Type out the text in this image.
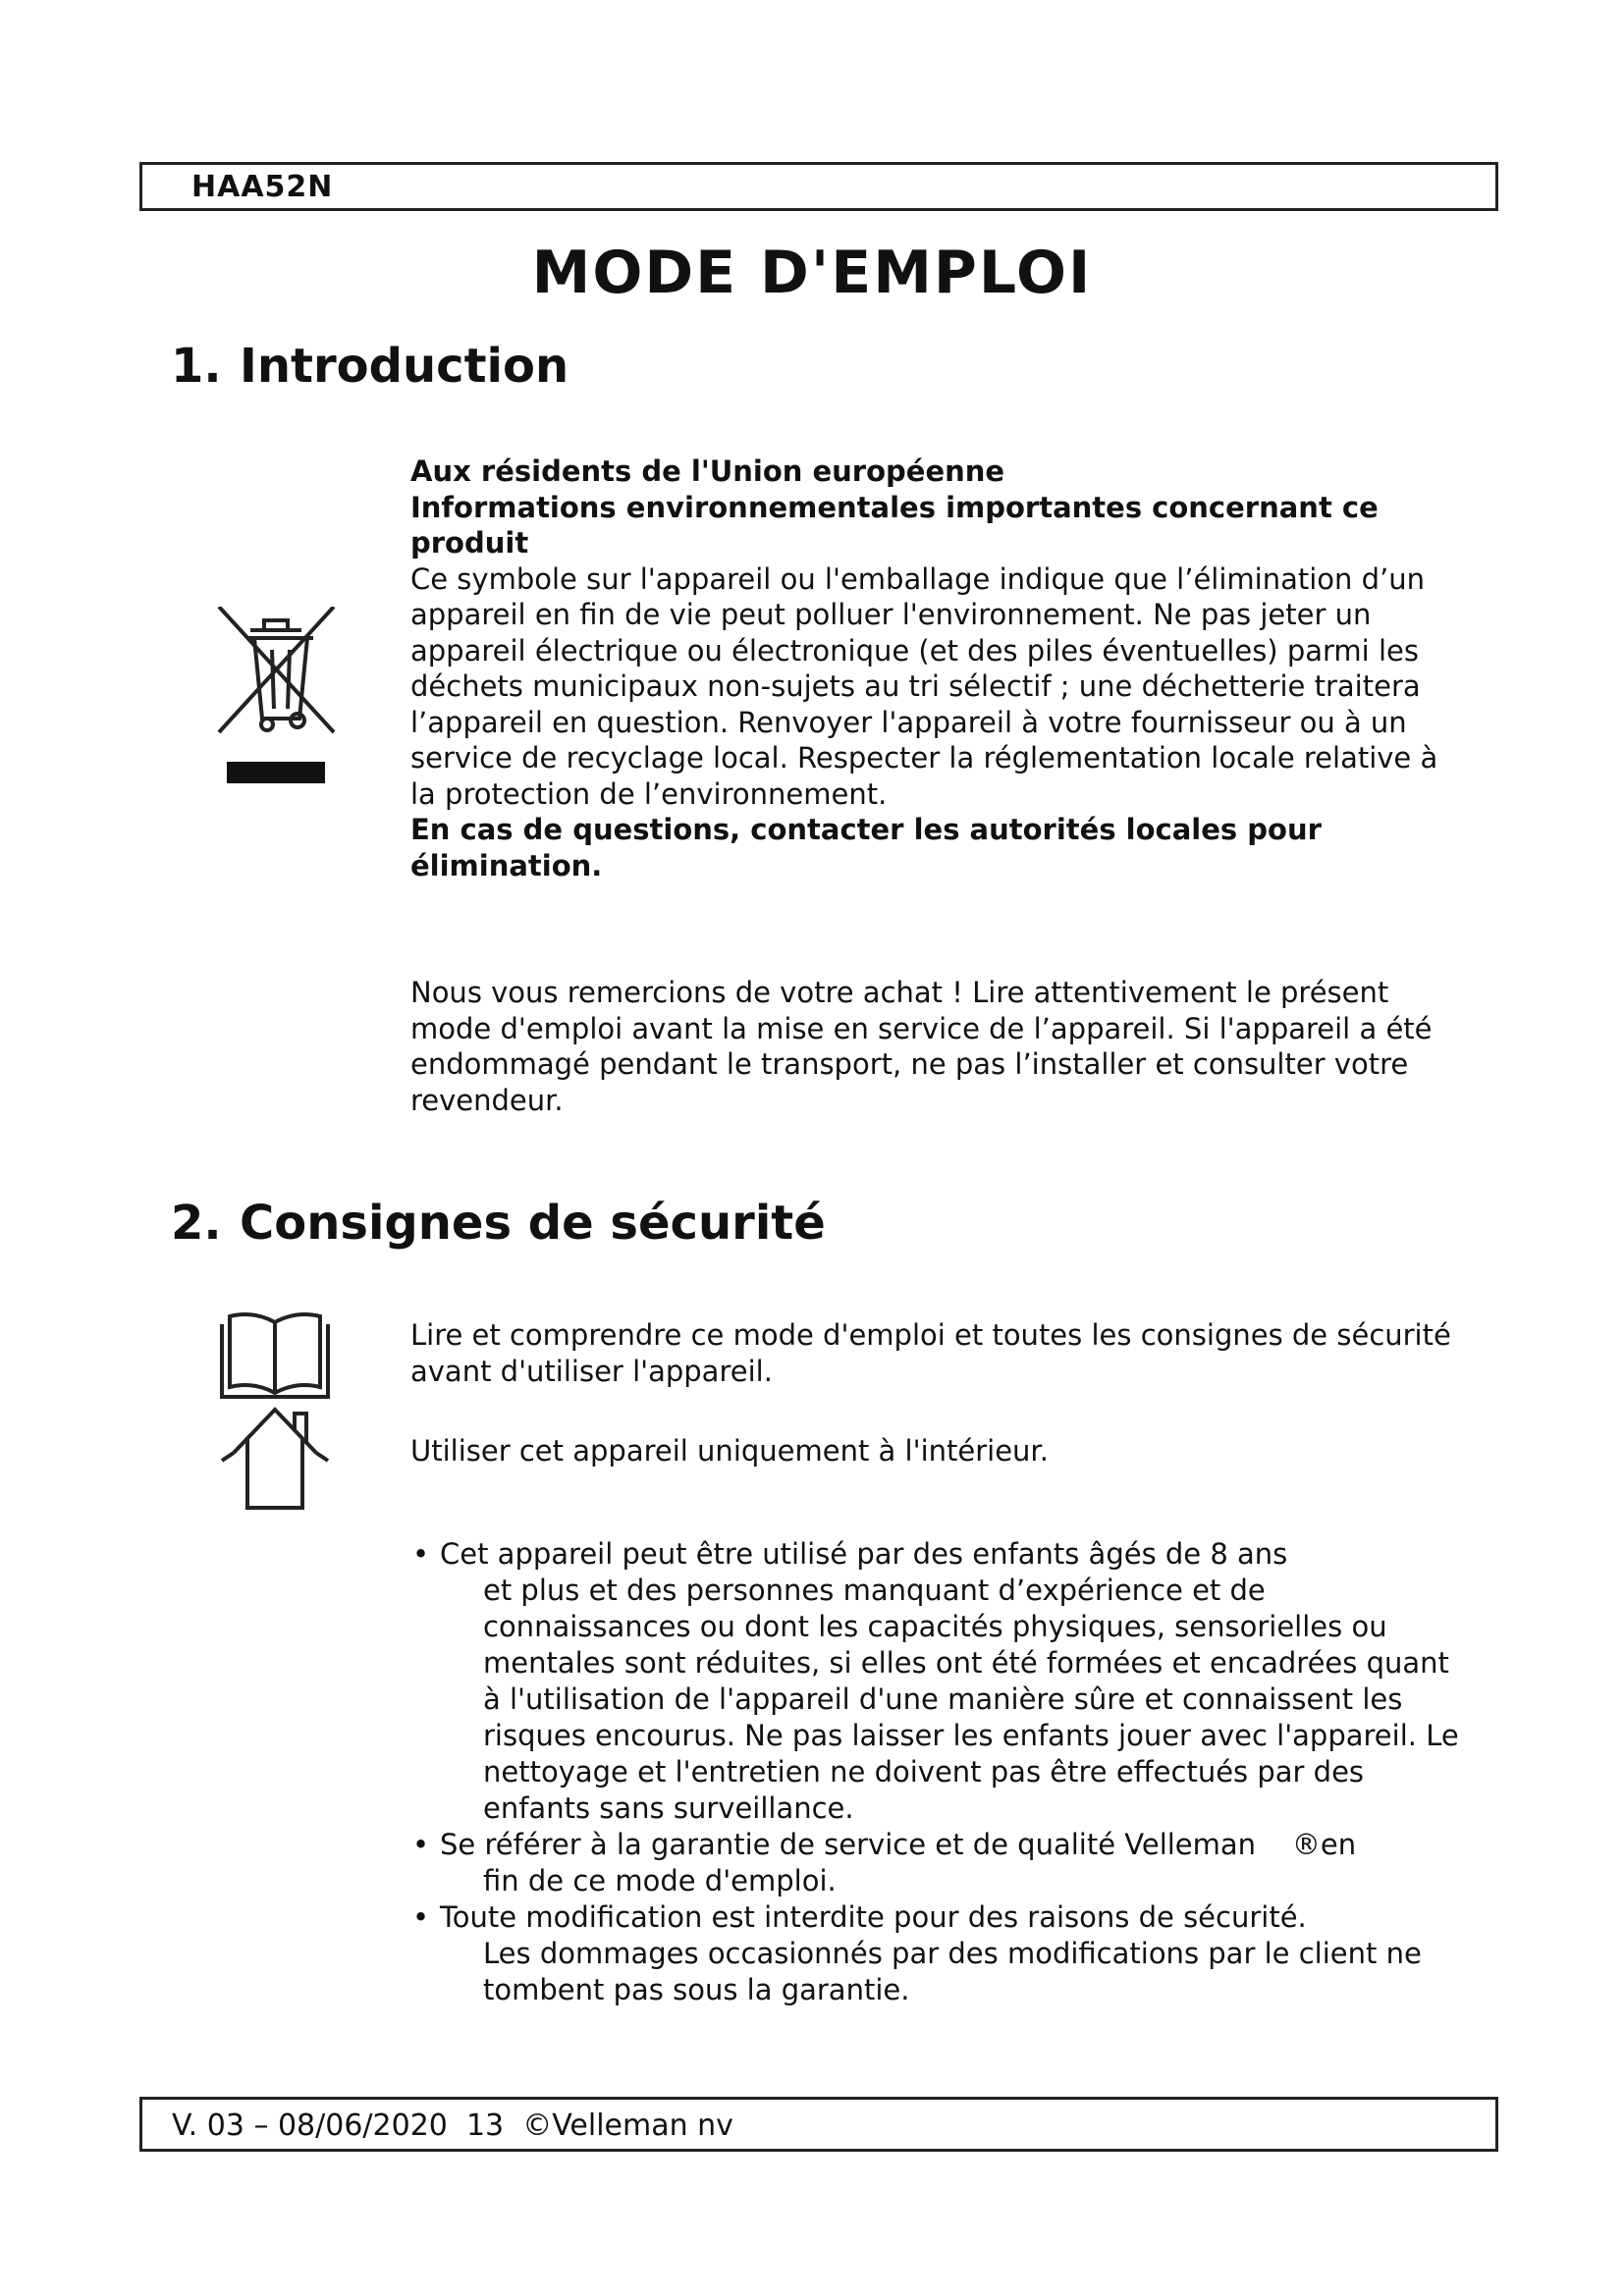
HAA52N
MODE D'EMPLOI
1. Introduction

Aux résidents de l'Union européenne

Informations environnementales importantes concernant ce produit

Ce symbole sur l'appareil ou l'emballage indique que l’élimination d’un appareil en fin de vie peut polluer l'environnement. Ne pas jeter un appareil électrique ou électronique (et des piles éventuelles) parmi les déchets municipaux non-sujets au tri sélectif ; une déchetterie traitera l’appareil en question. Renvoyer l'appareil à votre fournisseur ou à un service de recyclage local. Respecter la réglementation locale relative à la protection de l’environnement.

En cas de questions, contacter les autorités locales pour élimination.

Nous vous remercions de votre achat ! Lire attentivement le présent mode d'emploi avant la mise en service de l’appareil. Si l'appareil a été endommagé pendant le transport, ne pas l’installer et consulter votre revendeur.

2. Consignes de sécurité

Lire et comprendre ce mode d'emploi et toutes les consignes de sécurité avant d'utiliser l'appareil.

Utiliser cet appareil uniquement à l'intérieur.

• Cet appareil peut être utilisé par des enfants âgés de 8 ans
et plus et des personnes manquant d’expérience et de connaissances ou dont les capacités physiques, sensorielles ou mentales sont réduites, si elles ont été formées et encadrées quant à l'utilisation de l'appareil d'une manière sûre et connaissent les risques encourus. Ne pas laisser les enfants jouer avec l'appareil. Le nettoyage et l'entretien ne doivent pas être effectués par des enfants sans surveillance.
• Se référer à la garantie de service et de qualité Velleman    ®en
fin de ce mode d'emploi.
• Toute modification est interdite pour des raisons de sécurité.
Les dommages occasionnés par des modifications par le client ne tombent pas sous la garantie.
V. 03 – 08/06/2020  13  ©Velleman nv
